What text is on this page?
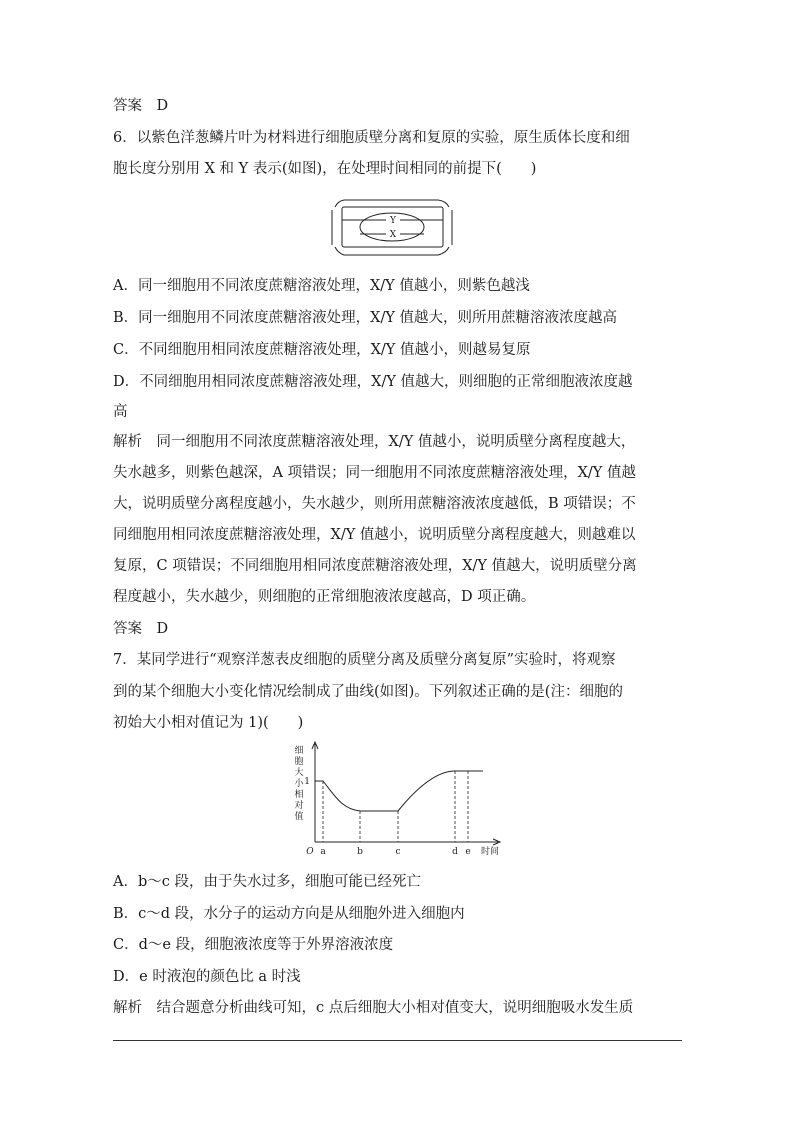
答案　D
6．以紫色洋葱鳞片叶为材料进行细胞质壁分离和复原的实验，原生质体长度和细
胞长度分别用 X 和 Y 表示(如图)，在处理时间相同的前提下(　　)
Y
X
A．同一细胞用不同浓度蔗糖溶液处理，X/Y 值越小，则紫色越浅
B．同一细胞用不同浓度蔗糖溶液处理，X/Y 值越大，则所用蔗糖溶液浓度越高
C．不同细胞用相同浓度蔗糖溶液处理，X/Y 值越小，则越易复原
D．不同细胞用相同浓度蔗糖溶液处理，X/Y 值越大，则细胞的正常细胞液浓度越
高
解析　同一细胞用不同浓度蔗糖溶液处理，X/Y 值越小，说明质壁分离程度越大，
失水越多，则紫色越深，A 项错误；同一细胞用不同浓度蔗糖溶液处理，X/Y 值越
大，说明质壁分离程度越小，失水越少，则所用蔗糖溶液浓度越低，B 项错误；不
同细胞用相同浓度蔗糖溶液处理，X/Y 值越小，说明质壁分离程度越大，则越难以
复原，C 项错误；不同细胞用相同浓度蔗糖溶液处理，X/Y 值越大，说明质壁分离
程度越小，失水越少，则细胞的正常细胞液浓度越高，D 项正确。
答案　D
7．某同学进行“观察洋葱表皮细胞的质壁分离及质壁分离复原”实验时，将观察
到的某个细胞大小变化情况绘制成了曲线(如图)。下列叙述正确的是(注：细胞的
初始大小相对值记为 1)(　　)
细
胞
大
小
相
对
值
1
O a	b	c	d e 时间
A．b～c 段，由于失水过多，细胞可能已经死亡
B．c～d 段，水分子的运动方向是从细胞外进入细胞内
C．d～e 段，细胞液浓度等于外界溶液浓度
D．e 时液泡的颜色比 a 时浅
解析　结合题意分析曲线可知，c 点后细胞大小相对值变大，说明细胞吸水发生质
